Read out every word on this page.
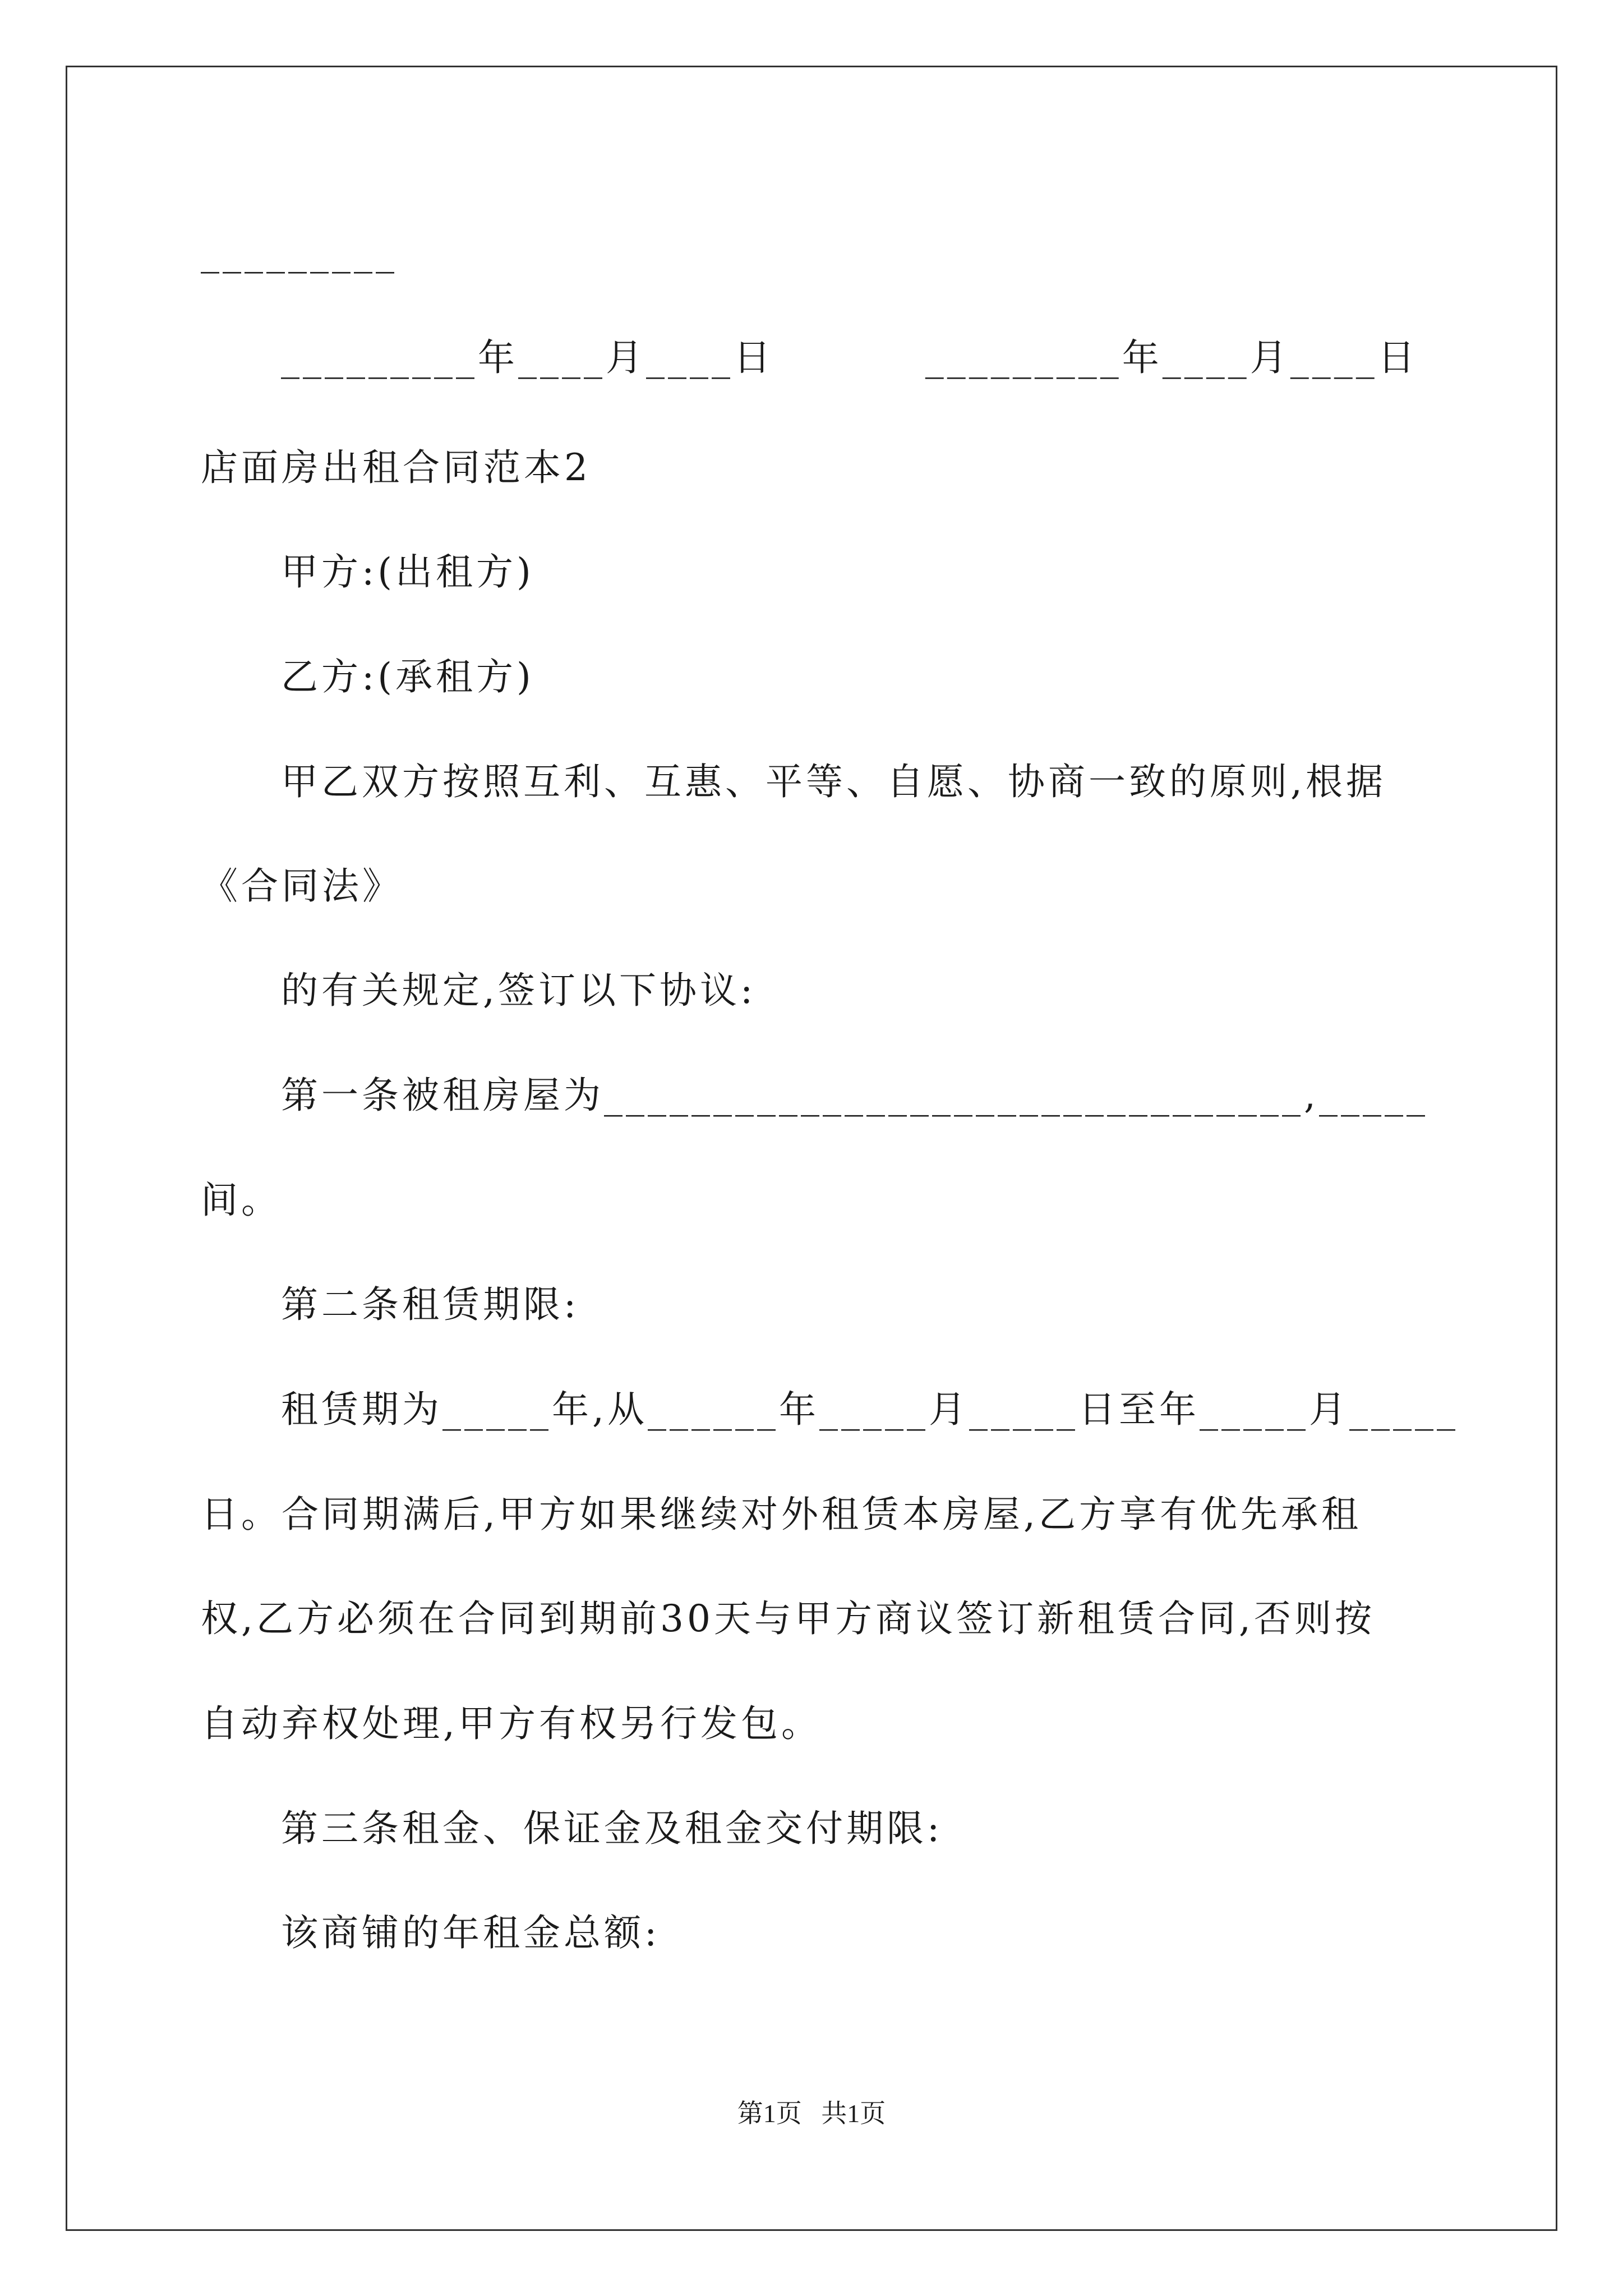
_________
_________年____月____日          _________年____月____日
店面房出租合同范本2
甲方:(出租方)
乙方:(承租方)
甲乙双方按照互利、互惠、平等、自愿、协商一致的原则,根据
《合同法》
的有关规定,签订以下协议:
第一条被租房屋为________________________________,_____
间。
第二条租赁期限:
租赁期为_____年,从______年_____月_____日至年_____月_____
日。合同期满后,甲方如果继续对外租赁本房屋,乙方享有优先承租
权,乙方必须在合同到期前30天与甲方商议签订新租赁合同,否则按
自动弃权处理,甲方有权另行发包。
第三条租金、保证金及租金交付期限:
该商铺的年租金总额:
第1页   共1页
